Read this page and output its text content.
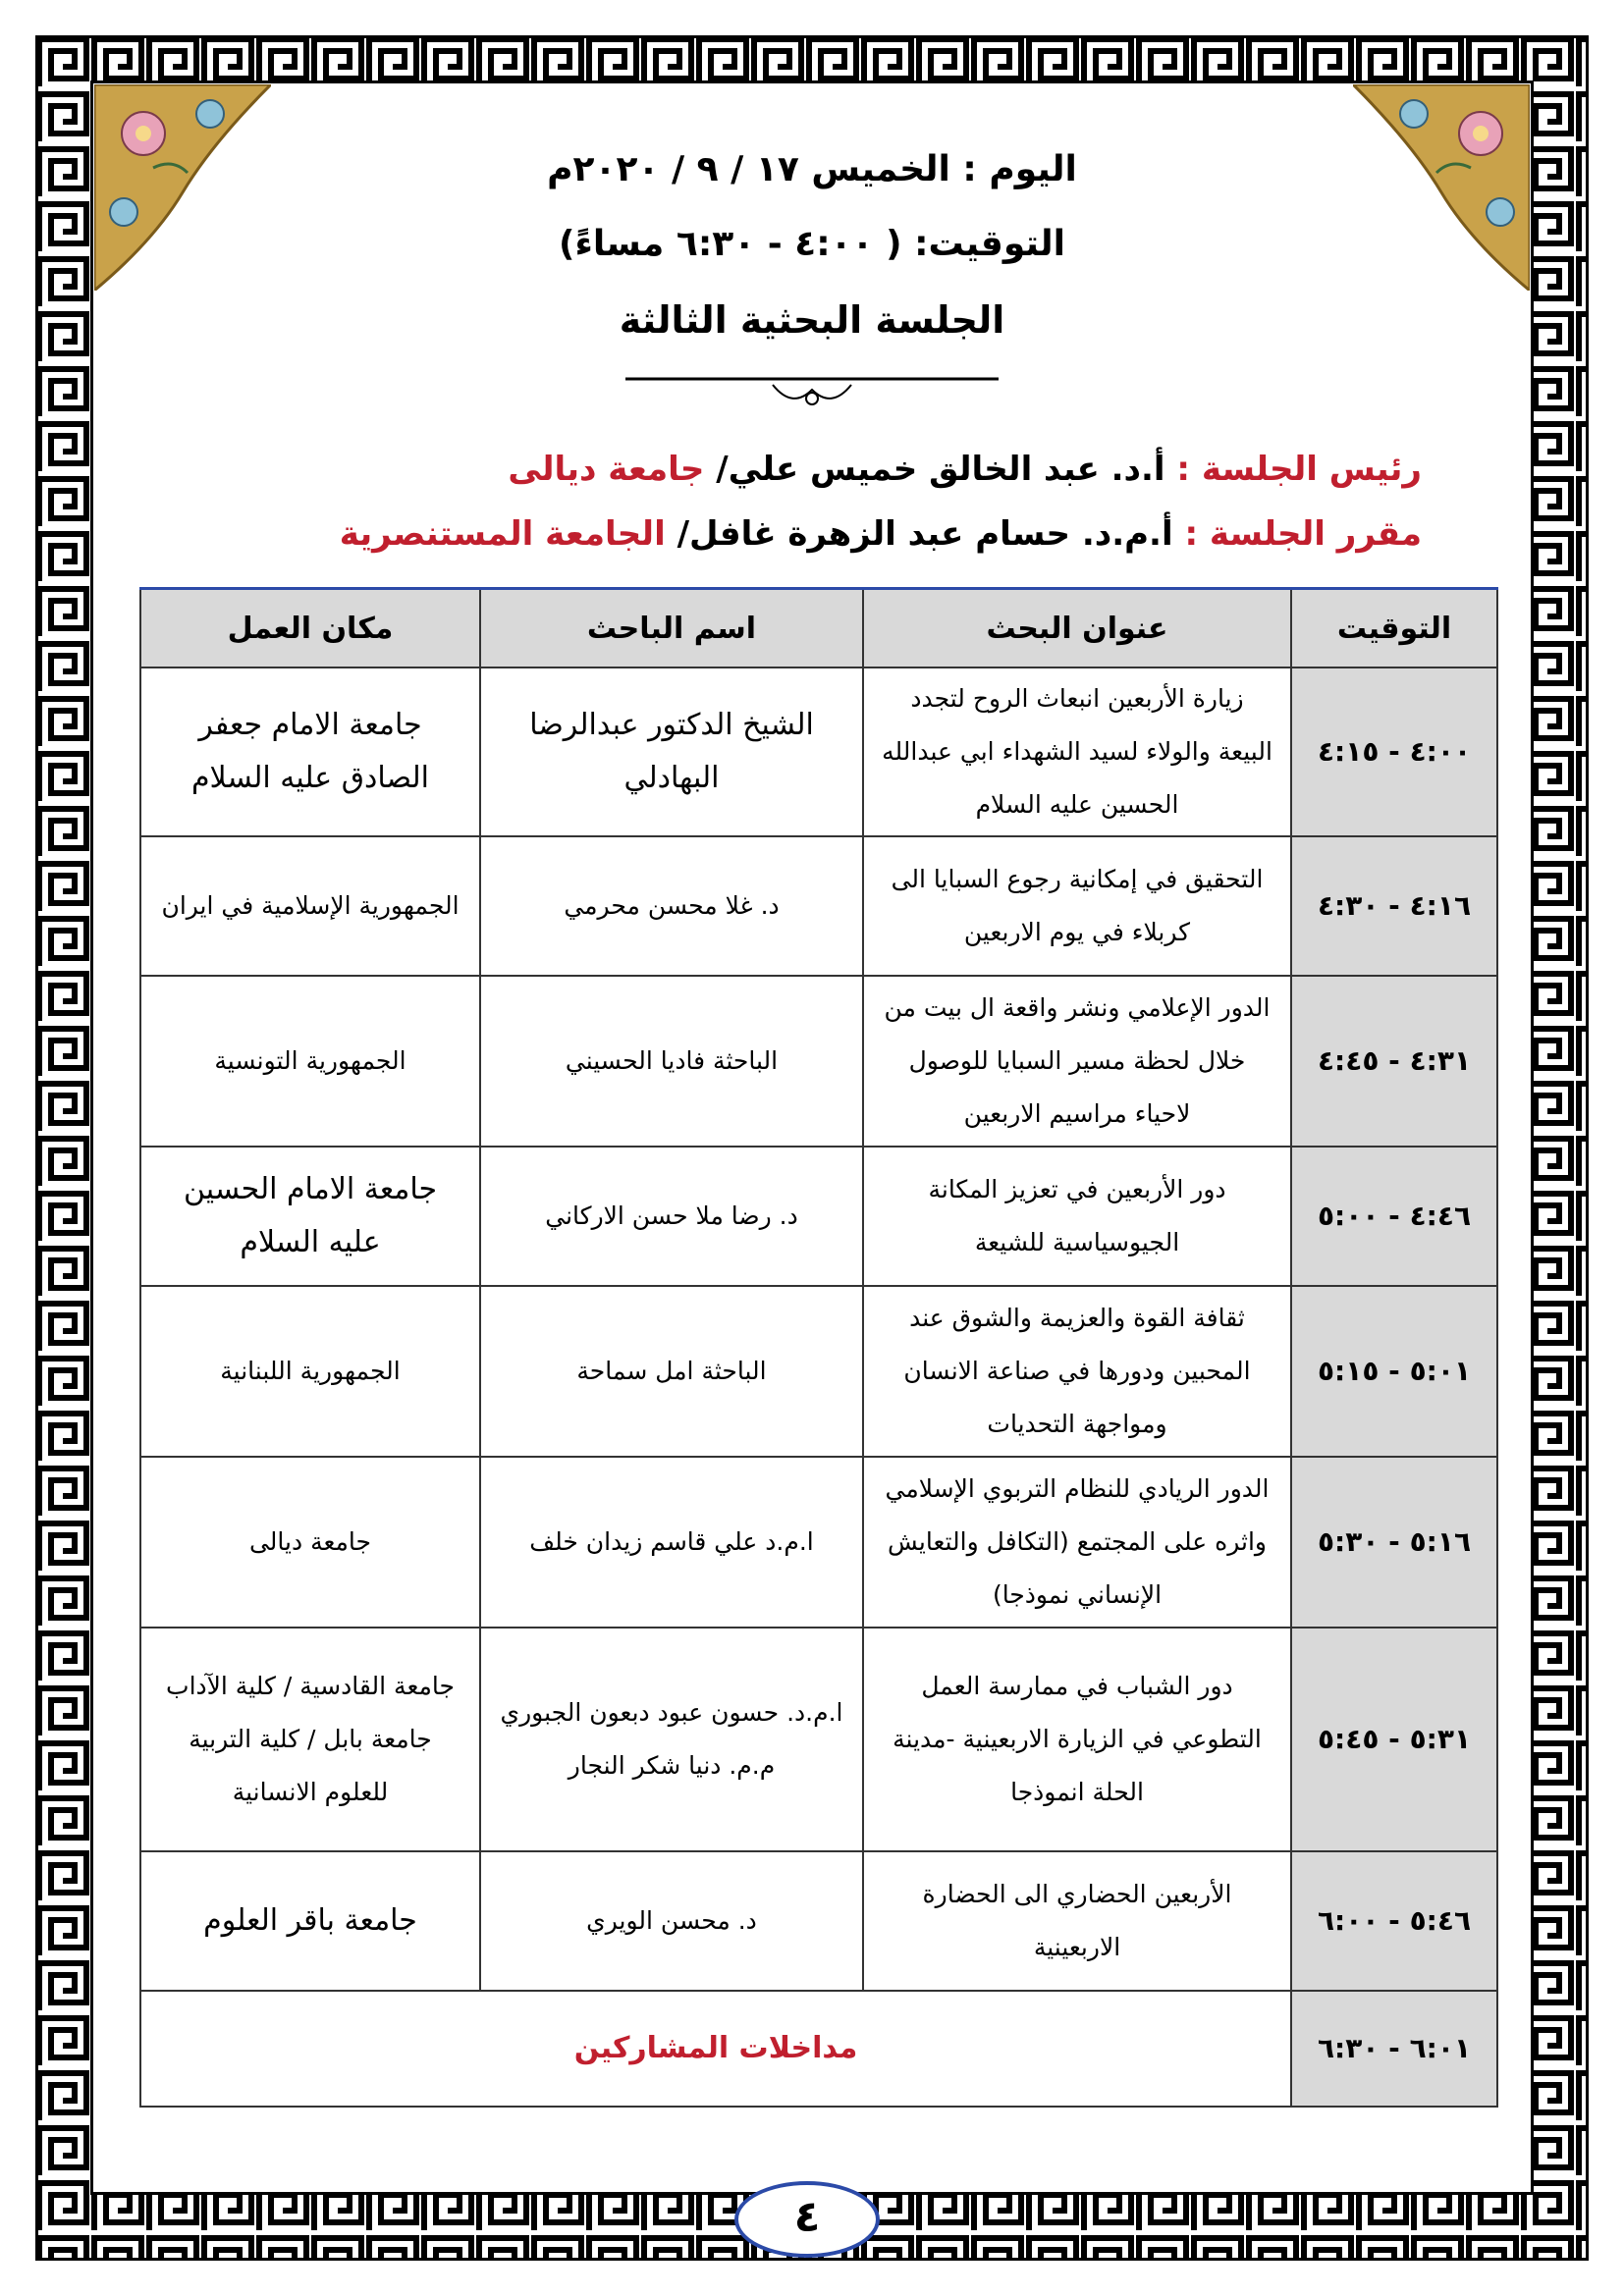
اليوم : الخميس ١٧ / ٩ / ٢٠٢٠م
التوقيت: ( ٤:٠٠ - ٦:٣٠ مساءً)
الجلسة البحثية الثالثة
رئيس الجلسة : أ.د. عبد الخالق خميس علي/ جامعة ديالى
مقرر الجلسة : أ.م.د. حسام عبد الزهرة غافل/ الجامعة المستنصرية
التوقيت	عنوان البحث	اسم الباحث	مكان العمل
٤:٠٠ - ٤:١٥	زيارة الأربعين انبعاث الروح لتجدد البيعة والولاء لسيد الشهداء ابي عبدالله الحسين عليه السلام	الشيخ الدكتور عبدالرضا البهادلي	جامعة الامام جعفر الصادق عليه السلام
٤:١٦ - ٤:٣٠	التحقيق في إمكانية رجوع السبايا الى كربلاء في يوم الاربعين	د. غلا محسن محرمي	الجمهورية الإسلامية في ايران
٤:٣١ - ٤:٤٥	الدور الإعلامي ونشر واقعة ال بيت من خلال لحظة مسير السبايا للوصول لاحياء مراسيم الاربعين	الباحثة فاديا الحسيني	الجمهورية التونسية
٤:٤٦ - ٥:٠٠	دور الأربعين في تعزيز المكانة الجيوسياسية للشيعة	د. رضا ملا حسن الاركاني	جامعة الامام الحسين عليه السلام
٥:٠١ - ٥:١٥	ثقافة القوة والعزيمة والشوق عند المحبين ودورها في صناعة الانسان ومواجهة التحديات	الباحثة امل سماحة	الجمهورية اللبنانية
٥:١٦ - ٥:٣٠	الدور الريادي للنظام التربوي الإسلامي واثره على المجتمع (التكافل والتعايش الإنساني نموذجا)	ا.م.د علي قاسم زيدان خلف	جامعة ديالى
٥:٣١ - ٥:٤٥	دور الشباب في ممارسة العمل التطوعي في الزيارة الاربعينية -مدينة الحلة انموذجا	ا.م.د. حسون عبود دبعون الجبوري م.م. دنيا شكر النجار	جامعة القادسية / كلية الآداب جامعة بابل / كلية التربية للعلوم الانسانية
٥:٤٦ - ٦:٠٠	الأربعين الحضاري الى الحضارة الاربعينية	د. محسن الويري	جامعة باقر العلوم
٦:٠١ - ٦:٣٠	مداخلات المشاركين		
٤
